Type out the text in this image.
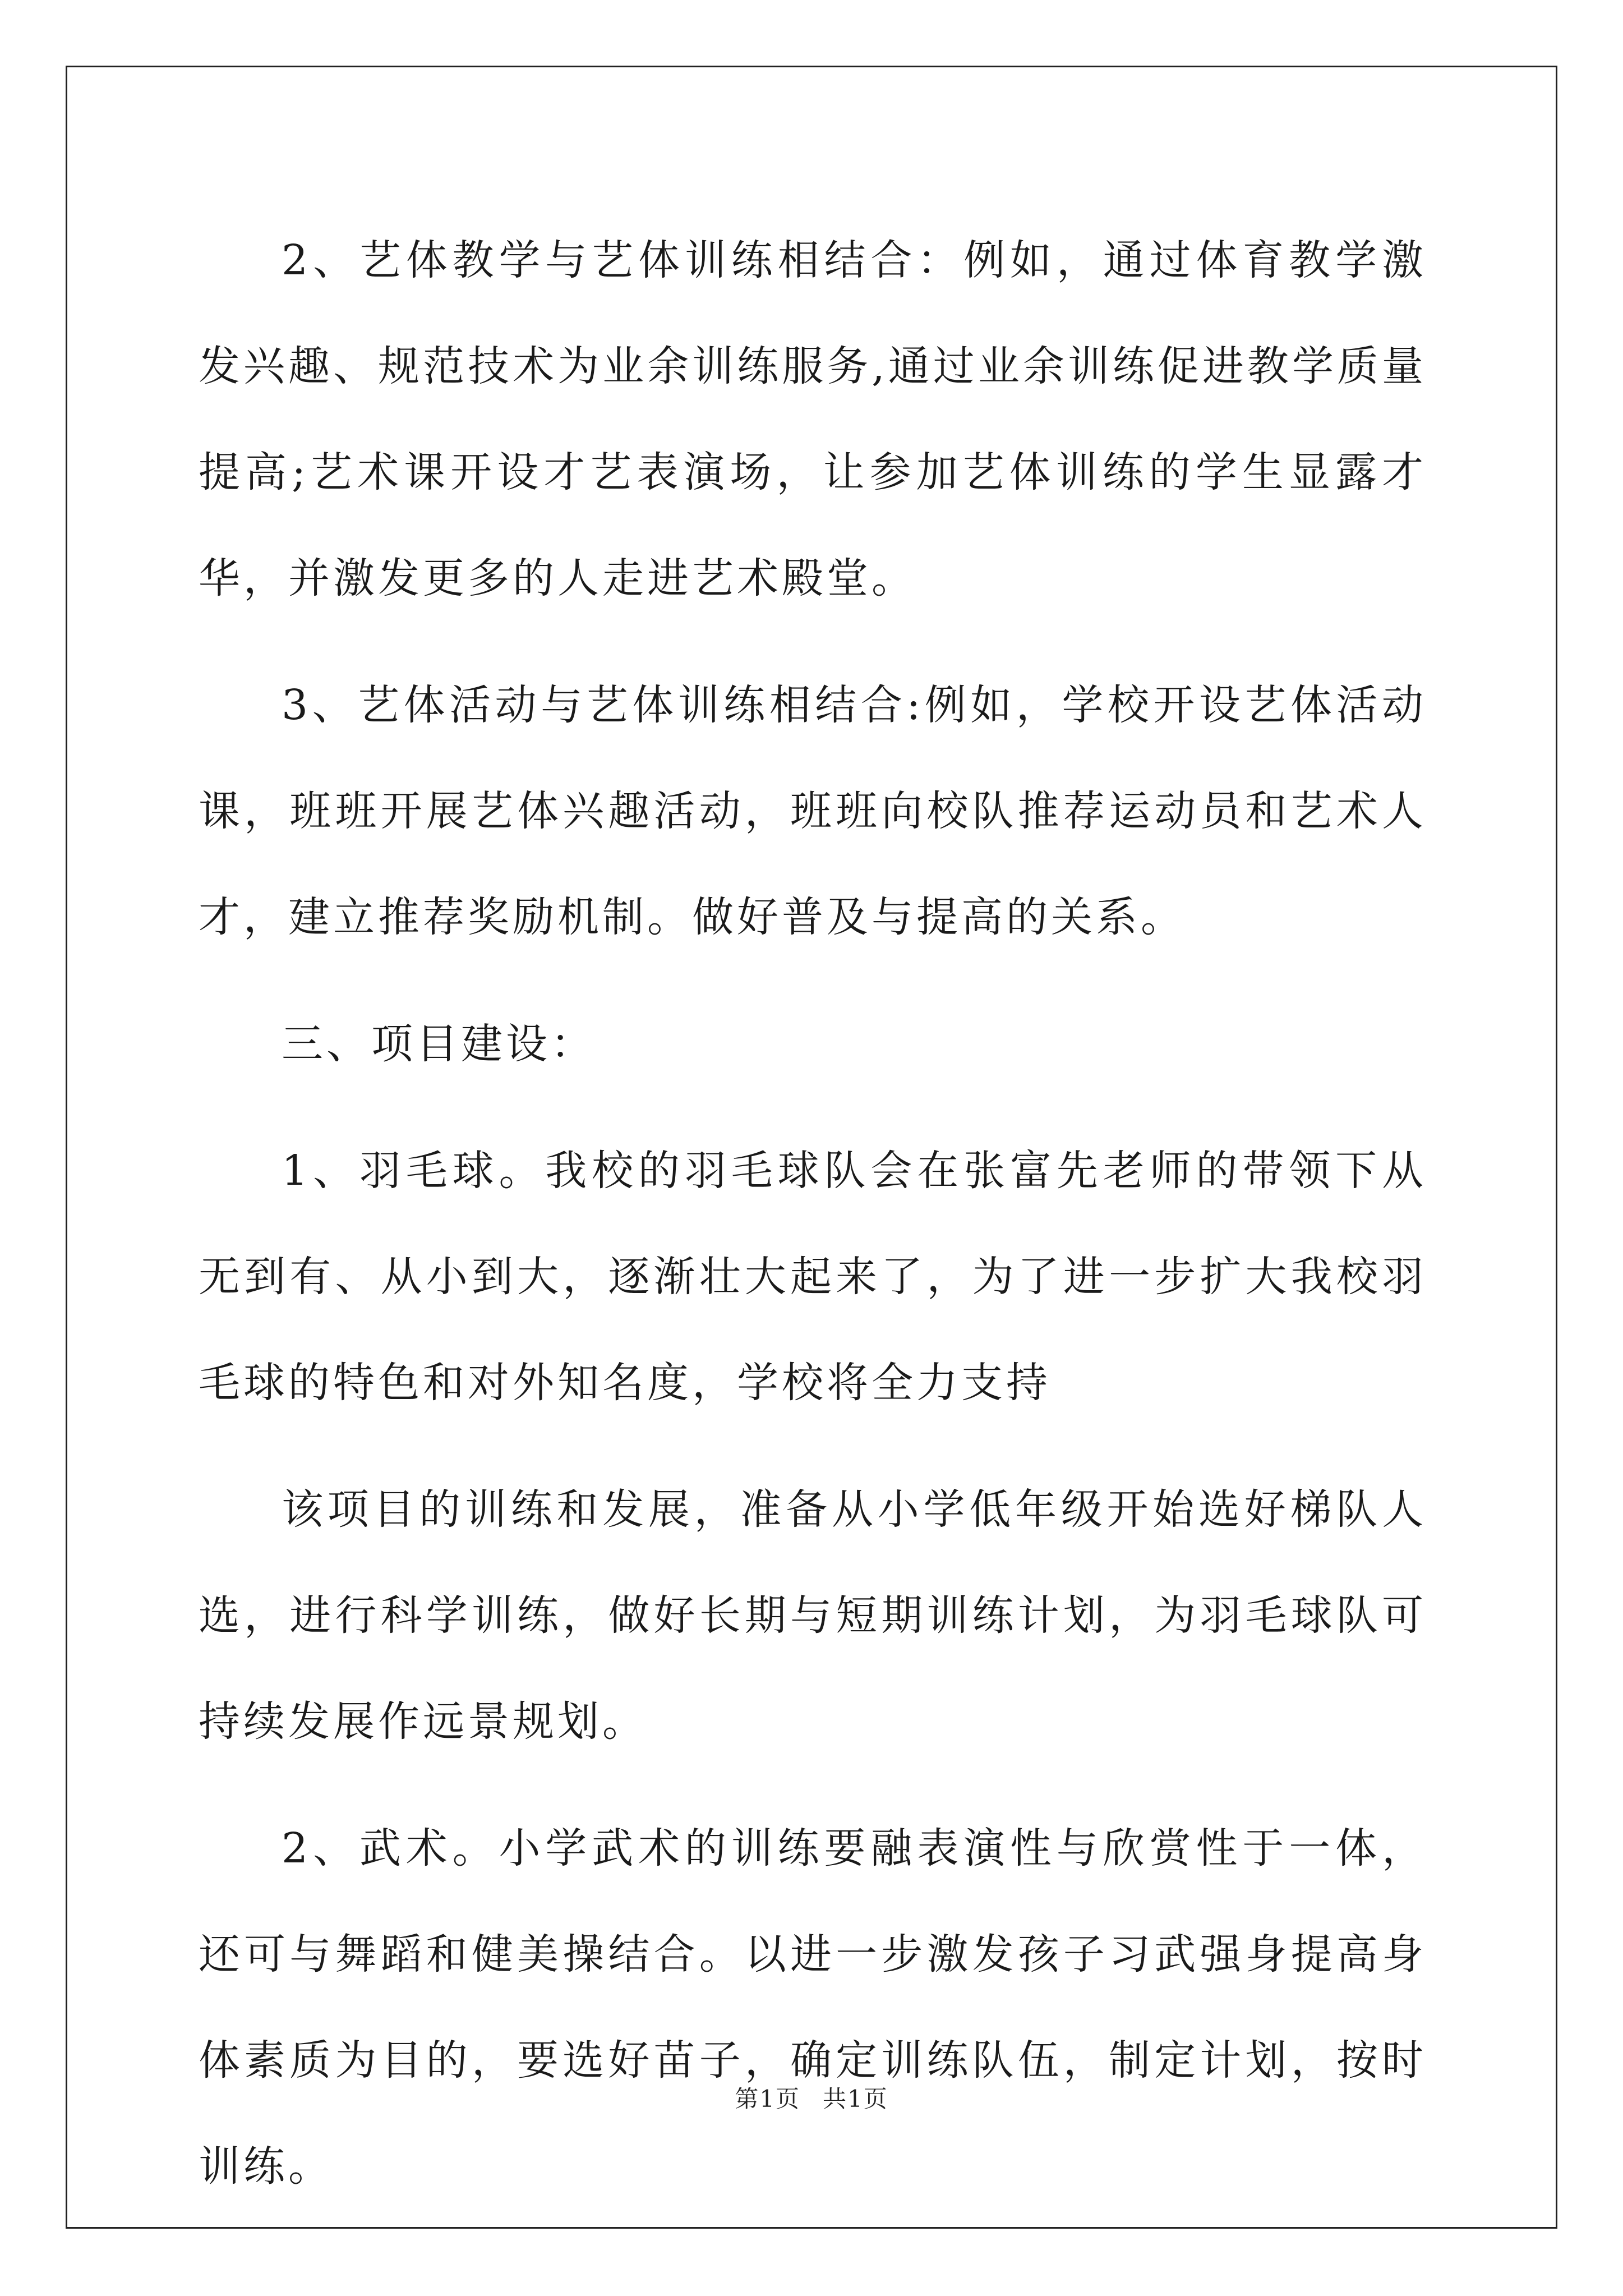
2、艺体教学与艺体训练相结合：例如，通过体育教学激发兴趣、规范技术为业余训练服务,通过业余训练促进教学质量提高;艺术课开设才艺表演场，让参加艺体训练的学生显露才华，并激发更多的人走进艺术殿堂。

3、艺体活动与艺体训练相结合:例如，学校开设艺体活动课，班班开展艺体兴趣活动，班班向校队推荐运动员和艺术人才，建立推荐奖励机制。做好普及与提高的关系。

三、项目建设：

1、羽毛球。我校的羽毛球队会在张富先老师的带领下从无到有、从小到大，逐渐壮大起来了，为了进一步扩大我校羽毛球的特色和对外知名度，学校将全力支持

该项目的训练和发展，准备从小学低年级开始选好梯队人选，进行科学训练，做好长期与短期训练计划，为羽毛球队可持续发展作远景规划。

2、武术。小学武术的训练要融表演性与欣赏性于一体，还可与舞蹈和健美操结合。以进一步激发孩子习武强身提高身体素质为目的，要选好苗子，确定训练队伍，制定计划，按时训练。

第1页 共1页
